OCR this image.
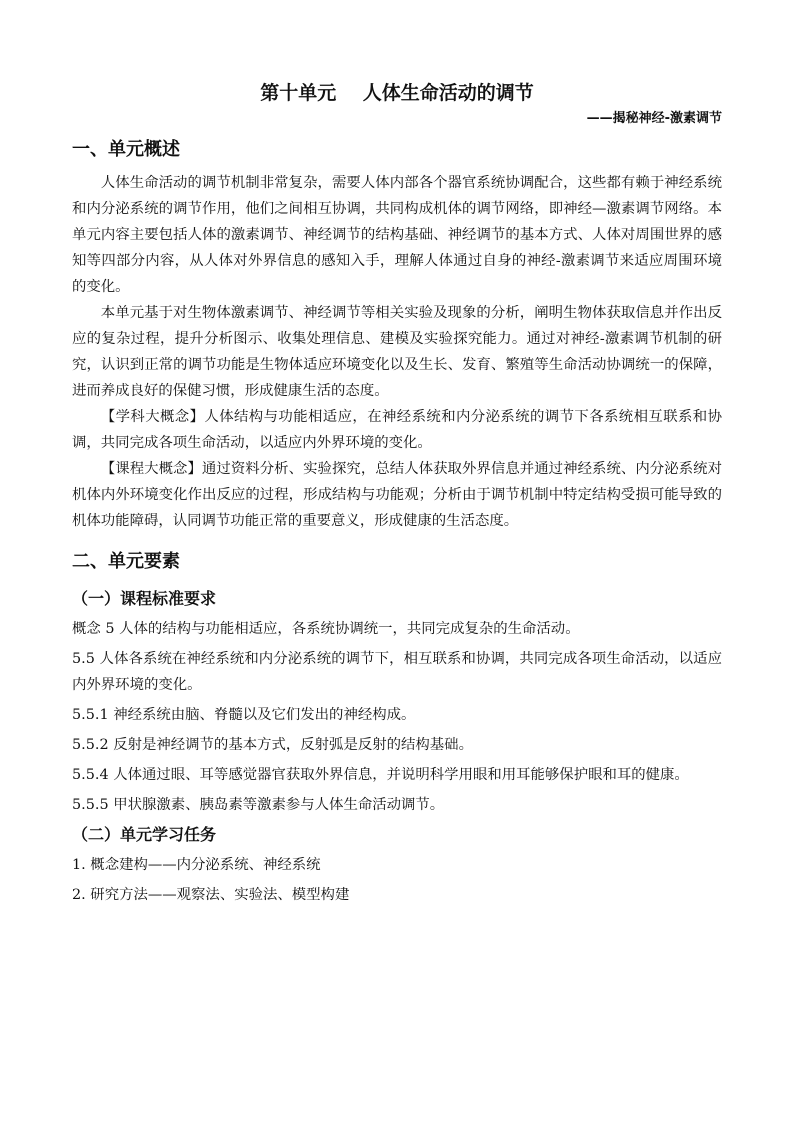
第十单元    人体生命活动的调节
——揭秘神经-激素调节
一、单元概述

人体生命活动的调节机制非常复杂，需要人体内部各个器官系统协调配合，这些都有赖于神经系统和内分泌系统的调节作用，他们之间相互协调，共同构成机体的调节网络，即神经—激素调节网络。本单元内容主要包括人体的激素调节、神经调节的结构基础、神经调节的基本方式、人体对周围世界的感知等四部分内容，从人体对外界信息的感知入手，理解人体通过自身的神经-激素调节来适应周围环境的变化。

本单元基于对生物体激素调节、神经调节等相关实验及现象的分析，阐明生物体获取信息并作出反应的复杂过程，提升分析图示、收集处理信息、建模及实验探究能力。通过对神经-激素调节机制的研究，认识到正常的调节功能是生物体适应环境变化以及生长、发育、繁殖等生命活动协调统一的保障，进而养成良好的保健习惯，形成健康生活的态度。

【学科大概念】人体结构与功能相适应，在神经系统和内分泌系统的调节下各系统相互联系和协调，共同完成各项生命活动，以适应内外界环境的变化。

【课程大概念】通过资料分析、实验探究，总结人体获取外界信息并通过神经系统、内分泌系统对机体内外环境变化作出反应的过程，形成结构与功能观；分析由于调节机制中特定结构受损可能导致的机体功能障碍，认同调节功能正常的重要意义，形成健康的生活态度。

二、单元要素
（一）课程标准要求

概念 5 人体的结构与功能相适应，各系统协调统一，共同完成复杂的生命活动。

5.5 人体各系统在神经系统和内分泌系统的调节下，相互联系和协调，共同完成各项生命活动，以适应内外界环境的变化。

5.5.1 神经系统由脑、脊髓以及它们发出的神经构成。

5.5.2 反射是神经调节的基本方式，反射弧是反射的结构基础。

5.5.4 人体通过眼、耳等感觉器官获取外界信息，并说明科学用眼和用耳能够保护眼和耳的健康。

5.5.5 甲状腺激素、胰岛素等激素参与人体生命活动调节。

（二）单元学习任务

1. 概念建构——内分泌系统、神经系统

2. 研究方法——观察法、实验法、模型构建
